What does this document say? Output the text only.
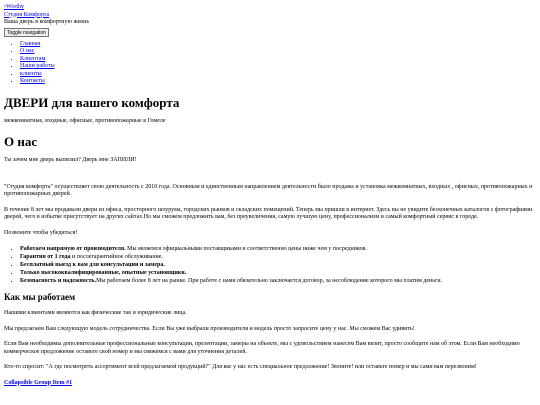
▫Worthy
Студия Комфорта
Ваша дверь в комфортную жизнь
Toggle navigation
• Главная
• О нас
• Клиентам
• Наши работы
• клиенты
• Контакты
ДВЕРИ для вашего комфорта

межкомнатные, входные, офисные, противопожарные в Гомеле

О нас

Ты зачем мне дверь выпилил? Дверь мне ЗАПИЛИ!

"Студия комфорта" осуществляет свою деятельность с 2010 года. Основным и единственным направлением деятельности было продажа и установка межкомнатных, входных , офисных, противопожарных и противопожарных дверей.

В течение 8 лет мы продавали двери из офиса, просторного шоурума, городских рынков и складских помещений. Теперь мы пришли в интернет. Здесь вы не увидите бесконечных каталогов с фотографиями дверей, чего в избытке присутствует на других сайтах.Но мы сможем предложить вам, без преувеличения, самую лучшую цену, профессионализм и самый комфортный сервис в городе.

Позвоните чтобы убедиться!

• Работаем напрямую от производителя. Мы являемся официальными поставщиками и соответственно цены ниже чем у посредников.
• Гарантия от 1 года и послегарантийное обслуживание.
• Бесплатный выезд к вам для консультации и замера.
• Только высококвалифицированные, опытные установщики.
• Безопасность и надежность.Мы работаем более 8 лет на рынке. При работе с нами обязательно заключается договор, за несоблюдение которого мы платим деньги.
Как мы работаем

Нашими клиентами являются как физические так и юридические лица.

Мы предлагаем Вам следующую модель сотрудничества. Если Вы уже выбрали производителя и модель просто запросите цену у нас. Мы сможем Вас удивить!

Если Вам необходимы дополнительные профессиональные консультации, презентации, замеры на обьекте, мы с удовольствием нанесем Вам визит, просто сообщите нам об этом. Если Вам необходимо коммерческое предложение оставьте свой номер и мы свяжемся с вами для уточнения деталей.

Кто-то спросит: "А где посмотреть ассортимент всей предлагаемой продукций?" Для вас у нас есть специальное предложение! Звоните! или оставьте номер и мы сами вам перезвоним!

Collapsible Group Item #1
